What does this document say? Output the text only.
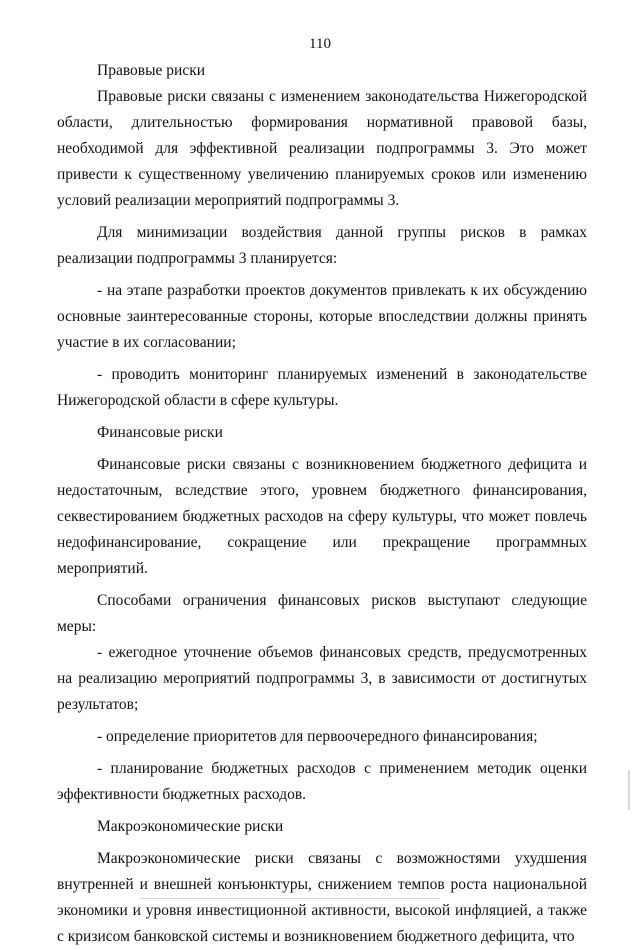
110

Правовые риски

Правовые риски связаны с изменением законодательства Нижегородской области, длительностью формирования нормативной правовой базы, необходимой для эффективной реализации подпрограммы 3. Это может привести к существенному увеличению планируемых сроков или изменению условий реализации мероприятий подпрограммы 3.

Для минимизации воздействия данной группы рисков в рамках реализации подпрограммы 3 планируется:

- на этапе разработки проектов документов привлекать к их обсуждению основные заинтересованные стороны, которые впоследствии должны принять участие в их согласовании;

- проводить мониторинг планируемых изменений в законодательстве Нижегородской области в сфере культуры.

Финансовые риски

Финансовые риски связаны с возникновением бюджетного дефицита и недостаточным, вследствие этого, уровнем бюджетного финансирования, секвестированием бюджетных расходов на сферу культуры, что может повлечь недофинансирование, сокращение или прекращение программных мероприятий.

Способами ограничения финансовых рисков выступают следующие меры:

- ежегодное уточнение объемов финансовых средств, предусмотренных на реализацию мероприятий подпрограммы 3, в зависимости от достигнутых результатов;

- определение приоритетов для первоочередного финансирования;

- планирование бюджетных расходов с применением методик оценки эффективности бюджетных расходов.

Макроэкономические риски

Макроэкономические риски связаны с возможностями ухудшения внутренней и внешней конъюнктуры, снижением темпов роста национальной экономики и уровня инвестиционной активности, высокой инфляцией, а также с кризисом банковской системы и возникновением бюджетного дефицита, что
